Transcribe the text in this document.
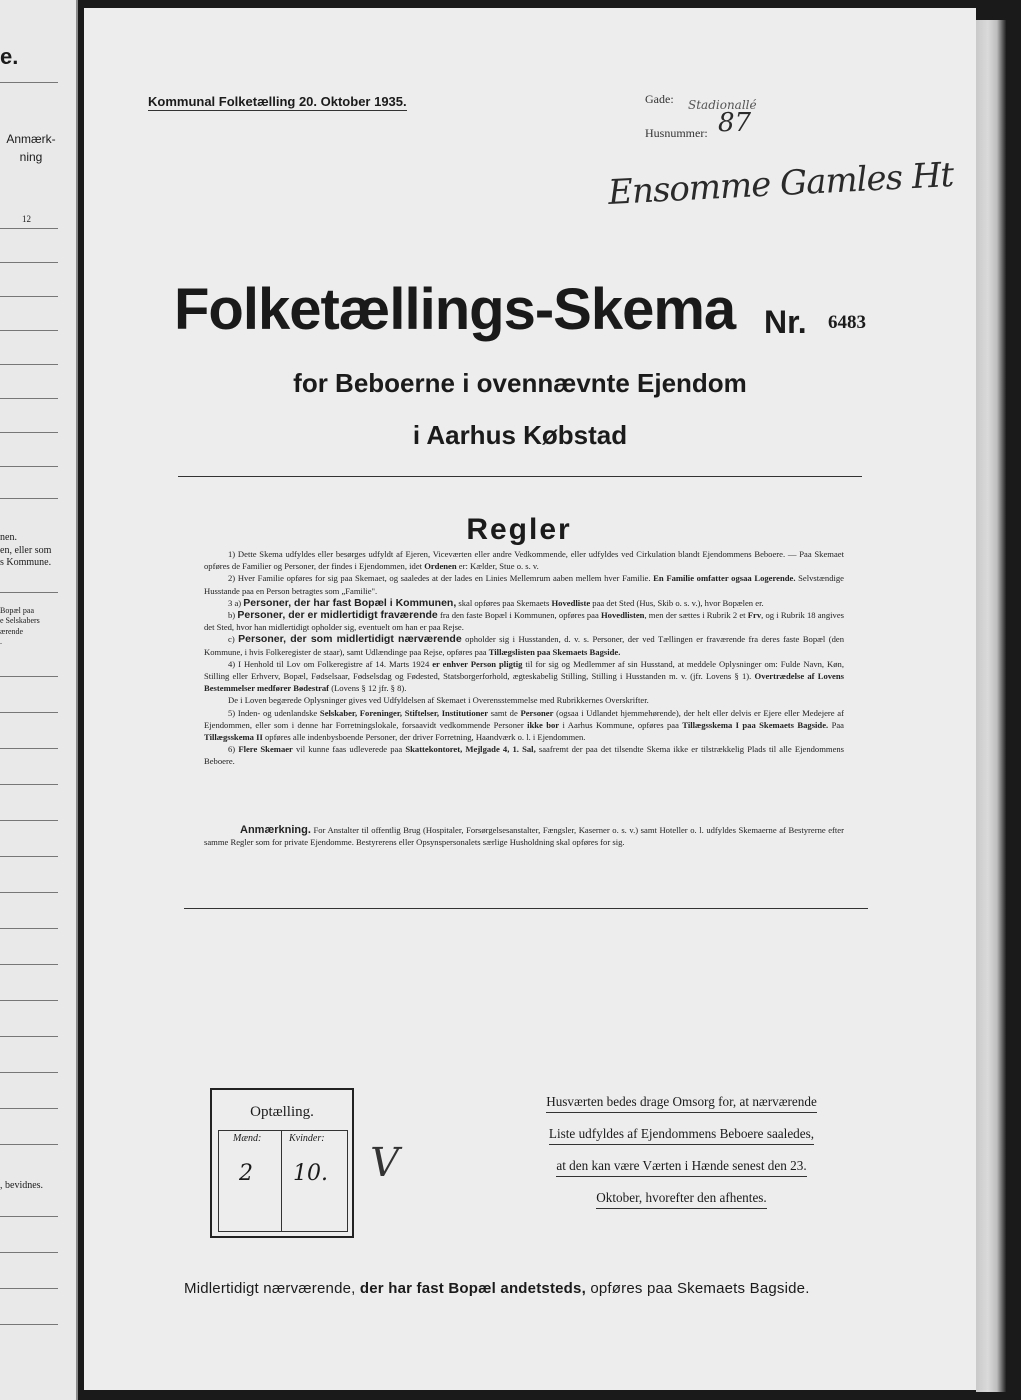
e.
Anmærk-
ning
12
nen.
en, eller som
s Kommune.
Bopæl paa
e Selskabers
ærende
.
, bevidnes.
Kommunal Folketælling 20. Oktober 1935.	Gade: Stadionallé
Husnummer: 87
Ensomme Gamles Ht
Folketællings-Skema Nr. 6483
for Beboerne i ovennævnte Ejendom
i Aarhus Købstad
Regler

1) Dette Skema udfyldes eller besørges udfyldt af Ejeren, Viceværten eller andre Vedkommende, eller udfyldes ved Cirkulation blandt Ejendommens Beboere. — Paa Skemaet opføres de Familier og Personer, der findes i Ejendommen, idet Ordenen er: Kælder, Stue o. s. v.

2) Hver Familie opføres for sig paa Skemaet, og saaledes at der lades en Linies Mellemrum aaben mellem hver Familie. En Familie omfatter ogsaa Logerende. Selvstændige Husstande paa en Person betragtes som „Familie".

3 a) Personer, der har fast Bopæl i Kommunen, skal opføres paa Skemaets Hovedliste paa det Sted (Hus, Skib o. s. v.), hvor Bopælen er.

b) Personer, der er midlertidigt fraværende fra den faste Bopæl i Kommunen, opføres paa Hovedlisten, men der sættes i Rubrik 2 et Frv, og i Rubrik 18 angives det Sted, hvor han midlertidigt opholder sig, eventuelt om han er paa Rejse.

c) Personer, der som midlertidigt nærværende opholder sig i Husstanden, d. v. s. Personer, der ved Tællingen er fraværende fra deres faste Bopæl (den Kommune, i hvis Folkeregister de staar), samt Udlændinge paa Rejse, opføres paa Tillægslisten paa Skemaets Bagside.

4) I Henhold til Lov om Folkeregistre af 14. Marts 1924 er enhver Person pligtig til for sig og Medlemmer af sin Husstand, at meddele Oplysninger om: Fulde Navn, Køn, Stilling eller Erhverv, Bopæl, Fødselsaar, Fødselsdag og Fødested, Statsborgerforhold, ægteskabelig Stilling, Stilling i Husstanden m. v. (jfr. Lovens § 1). Overtrædelse af Lovens Bestemmelser medfører Bødestraf (Lovens § 12 jfr. § 8).

De i Loven begærede Oplysninger gives ved Udfyldelsen af Skemaet i Overensstemmelse med Rubrikkernes Overskrifter.

5) Inden- og udenlandske Selskaber, Foreninger, Stiftelser, Institutioner samt de Personer (ogsaa i Udlandet hjemmehørende), der helt eller delvis er Ejere eller Medejere af Ejendommen, eller som i denne har Forretningslokale, forsaavidt vedkommende Personer ikke bor i Aarhus Kommune, opføres paa Tillægsskema I paa Skemaets Bagside. Paa Tillægsskema II opføres alle indenbysboende Personer, der driver Forretning, Haandværk o. l. i Ejendommen.

6) Flere Skemaer vil kunne faas udleverede paa Skattekontoret, Mejlgade 4, 1. Sal, saafremt der paa det tilsendte Skema ikke er tilstrækkelig Plads til alle Ejendommens Beboere.

Anmærkning. For Anstalter til offentlig Brug (Hospitaler, Forsørgelsesanstalter, Fængsler, Kaserner o. s. v.) samt Hoteller o. l. udfyldes Skemaerne af Bestyrerne efter samme Regler som for private Ejendomme. Bestyrerens eller Opsynspersonalets særlige Husholdning skal opføres for sig.

Optælling.
Mænd:	Kvinder:
2 10. V
Husværten bedes drage Omsorg for, at nærværende Liste udfyldes af Ejendommens Beboere saaledes, at den kan være Værten i Hænde senest den 23. Oktober, hvorefter den afhentes.
Midlertidigt nærværende, der har fast Bopæl andetsteds, opføres paa Skemaets Bagside.
